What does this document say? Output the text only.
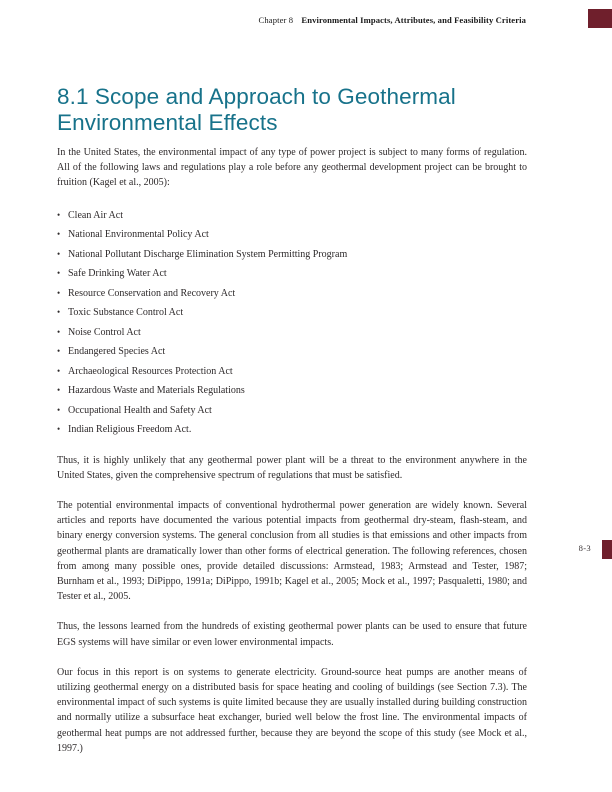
Chapter 8 Environmental Impacts, Attributes, and Feasibility Criteria
8.1 Scope and Approach to Geothermal Environmental Effects

In the United States, the environmental impact of any type of power project is subject to many forms of regulation. All of the following laws and regulations play a role before any geothermal development project can be brought to fruition (Kagel et al., 2005):

• Clean Air Act
• National Environmental Policy Act
• National Pollutant Discharge Elimination System Permitting Program
• Safe Drinking Water Act
• Resource Conservation and Recovery Act
• Toxic Substance Control Act
• Noise Control Act
• Endangered Species Act
• Archaeological Resources Protection Act
• Hazardous Waste and Materials Regulations
• Occupational Health and Safety Act
• Indian Religious Freedom Act.

Thus, it is highly unlikely that any geothermal power plant will be a threat to the environment anywhere in the United States, given the comprehensive spectrum of regulations that must be satisfied.

The potential environmental impacts of conventional hydrothermal power generation are widely known. Several articles and reports have documented the various potential impacts from geothermal dry-steam, flash-steam, and binary energy conversion systems. The general conclusion from all studies is that emissions and other impacts from geothermal plants are dramatically lower than other forms of electrical generation. The following references, chosen from among many possible ones, provide detailed discussions: Armstead, 1983; Armstead and Tester, 1987; Burnham et al., 1993; DiPippo, 1991a; DiPippo, 1991b; Kagel et al., 2005; Mock et al., 1997; Pasqualetti, 1980; and Tester et al., 2005.

Thus, the lessons learned from the hundreds of existing geothermal power plants can be used to ensure that future EGS systems will have similar or even lower environmental impacts.

Our focus in this report is on systems to generate electricity. Ground-source heat pumps are another means of utilizing geothermal energy on a distributed basis for space heating and cooling of buildings (see Section 7.3). The environmental impact of such systems is quite limited because they are usually installed during building construction and normally utilize a subsurface heat exchanger, buried well below the frost line. The environmental impacts of geothermal heat pumps are not addressed further, because they are beyond the scope of this study (see Mock et al., 1997.)

8-3
